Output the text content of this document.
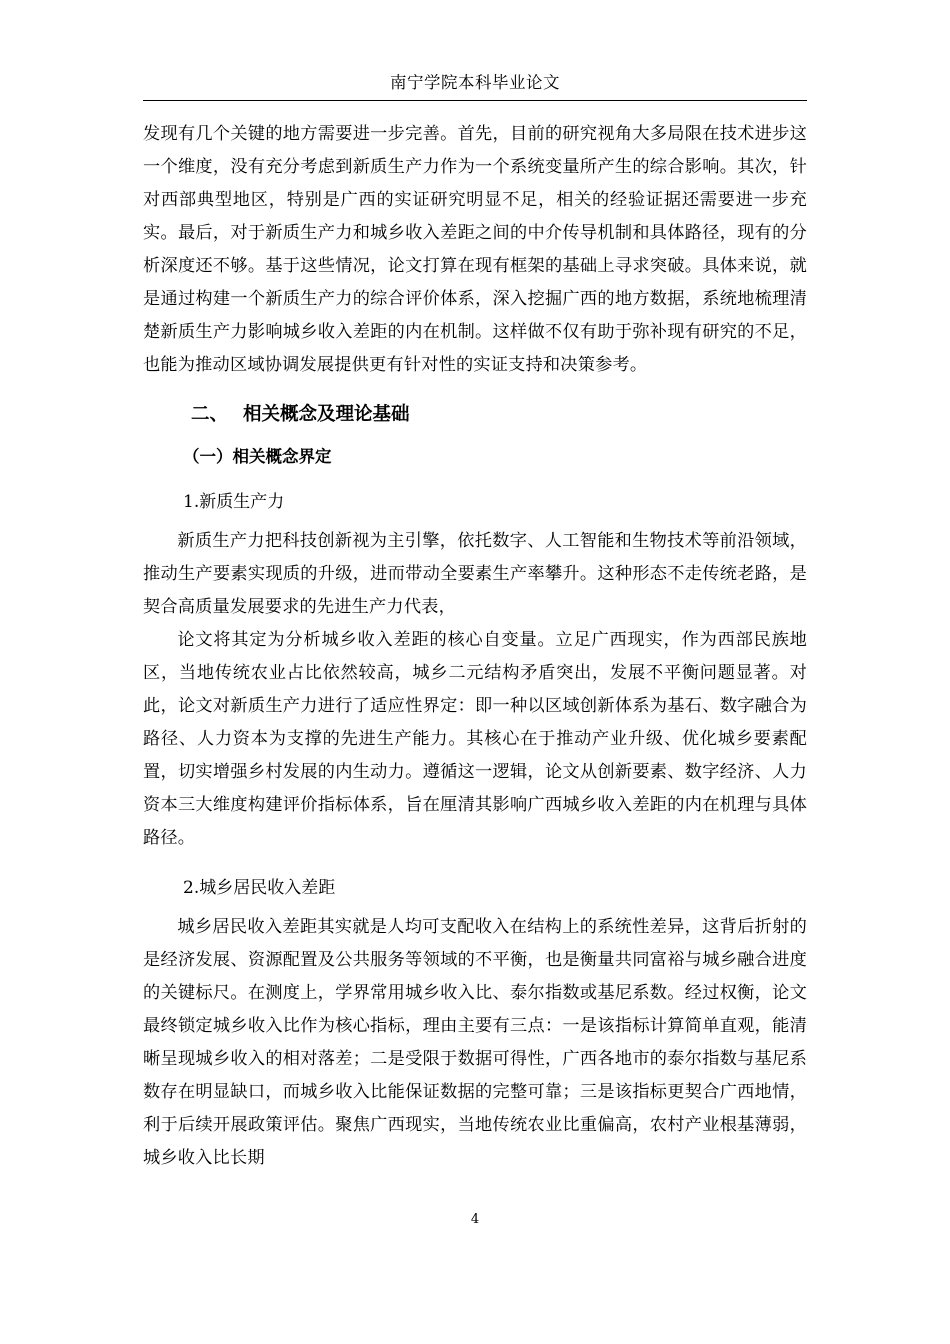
南宁学院本科毕业论文

发现有几个关键的地方需要进一步完善。首先，目前的研究视角大多局限在技术进步这一个维度，没有充分考虑到新质生产力作为一个系统变量所产生的综合影响。其次，针对西部典型地区，特别是广西的实证研究明显不足，相关的经验证据还需要进一步充实。最后，对于新质生产力和城乡收入差距之间的中介传导机制和具体路径，现有的分析深度还不够。基于这些情况，论文打算在现有框架的基础上寻求突破。具体来说，就是通过构建一个新质生产力的综合评价体系，深入挖掘广西的地方数据，系统地梳理清楚新质生产力影响城乡收入差距的内在机制。这样做不仅有助于弥补现有研究的不足，也能为推动区域协调发展提供更有针对性的实证支持和决策参考。

二、 相关概念及理论基础
（一）相关概念界定
1.新质生产力

新质生产力把科技创新视为主引擎，依托数字、人工智能和生物技术等前沿领域，推动生产要素实现质的升级，进而带动全要素生产率攀升。这种形态不走传统老路，是契合高质量发展要求的先进生产力代表，

论文将其定为分析城乡收入差距的核心自变量。立足广西现实，作为西部民族地区，当地传统农业占比依然较高，城乡二元结构矛盾突出，发展不平衡问题显著。对此，论文对新质生产力进行了适应性界定：即一种以区域创新体系为基石、数字融合为路径、人力资本为支撑的先进生产能力。其核心在于推动产业升级、优化城乡要素配置，切实增强乡村发展的内生动力。遵循这一逻辑，论文从创新要素、数字经济、人力资本三大维度构建评价指标体系，旨在厘清其影响广西城乡收入差距的内在机理与具体路径。

2.城乡居民收入差距

城乡居民收入差距其实就是人均可支配收入在结构上的系统性差异，这背后折射的是经济发展、资源配置及公共服务等领域的不平衡，也是衡量共同富裕与城乡融合进度的关键标尺。在测度上，学界常用城乡收入比、泰尔指数或基尼系数。经过权衡，论文最终锁定城乡收入比作为核心指标，理由主要有三点：一是该指标计算简单直观，能清晰呈现城乡收入的相对落差；二是受限于数据可得性，广西各地市的泰尔指数与基尼系数存在明显缺口，而城乡收入比能保证数据的完整可靠；三是该指标更契合广西地情，利于后续开展政策评估。聚焦广西现实，当地传统农业比重偏高，农村产业根基薄弱，城乡收入比长期

4
